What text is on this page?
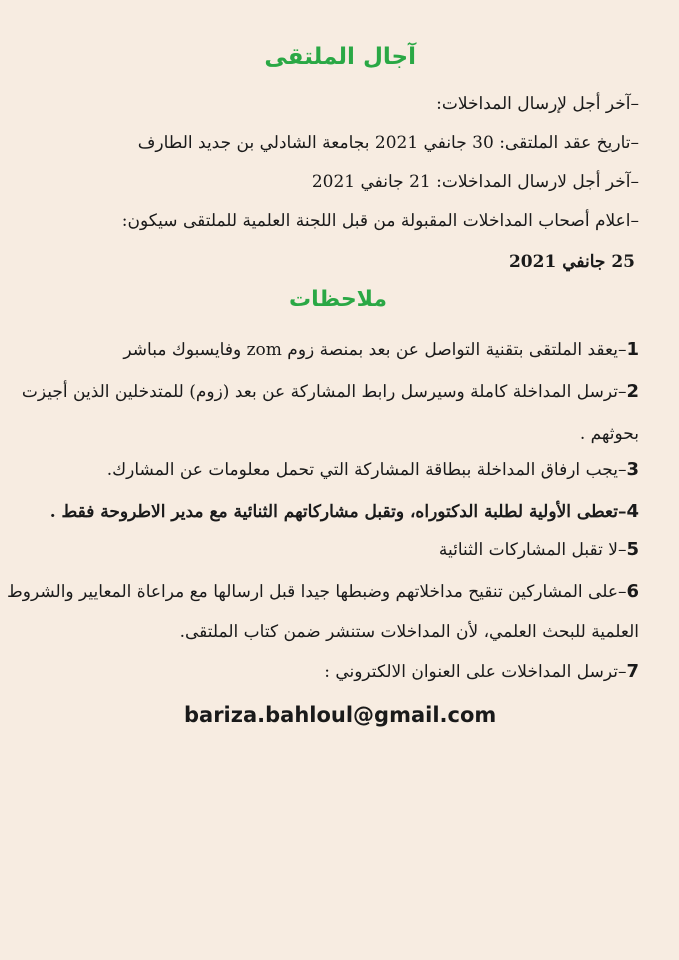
آجال الملتقى

–آخر أجل لإرسال المداخلات:

–تاريخ عقد الملتقى: 30 جانفي 2021 بجامعة الشادلي بن جديد الطارف

–آخر أجل لارسال المداخلات: 21 جانفي 2021

–اعلام أصحاب المداخلات المقبولة من قبل اللجنة العلمية للملتقى سيكون:

25 جانفي 2021

ملاحظات

1–يعقد الملتقى بتقنية التواصل عن بعد بمنصة زوم zom وفايسبوك مباشر

2–ترسل المداخلة كاملة وسيرسل رابط المشاركة عن بعد (زوم) للمتدخلين الذين أجيزت

بحوثهم .

3–يجب ارفاق المداخلة ببطاقة المشاركة التي تحمل معلومات عن المشارك.

4–تعطى الأولية لطلبة الدكتوراه، وتقبل مشاركاتهم الثنائية مع مدير الاطروحة فقط .

5–لا تقبل المشاركات الثنائية

6–على المشاركين تنقيح مداخلاتهم وضبطها جيدا قبل ارسالها مع مراعاة المعايير والشروط

العلمية للبحث العلمي، لأن المداخلات ستنشر ضمن كتاب الملتقى.

7–ترسل المداخلات على العنوان الالكتروني :

bariza.bahloul@gmail.com
